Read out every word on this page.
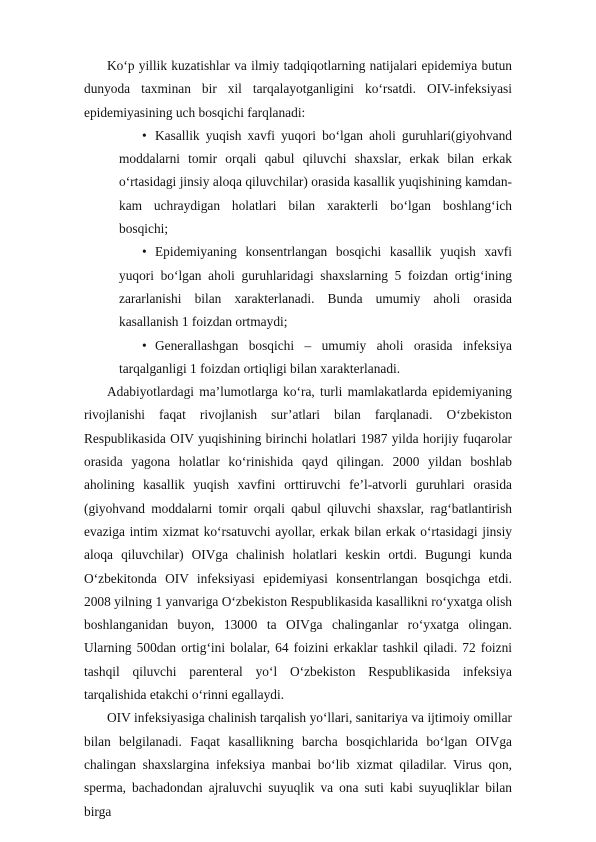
Ko‘p yillik kuzatishlar va ilmiy tadqiqotlarning natijalari epidemiya butun dunyoda taxminan bir xil tarqalayotganligini ko‘rsatdi. OIV-infeksiyasi epidemiyasining uch bosqichi farqlanadi:

• Kasallik yuqish xavfi yuqori bo‘lgan aholi guruhlari(giyohvand moddalarni tomir orqali qabul qiluvchi shaxslar, erkak bilan erkak o‘rtasidagi jinsiy aloqa qiluvchilar) orasida kasallik yuqishining kamdan-kam uchraydigan holatlari bilan xarakterli bo‘lgan boshlang‘ich bosqichi;
• Epidemiyaning konsentrlangan bosqichi kasallik yuqish xavfi yuqori bo‘lgan aholi guruhlaridagi shaxslarning 5 foizdan ortig‘ining zararlanishi bilan xarakterlanadi. Bunda umumiy aholi orasida kasallanish 1 foizdan ortmaydi;
• Generallashgan bosqichi – umumiy aholi orasida infeksiya tarqalganligi 1 foizdan ortiqligi bilan xarakterlanadi.

Adabiyotlardagi ma’lumotlarga ko‘ra, turli mamlakatlarda epidemiyaning rivojlanishi faqat rivojlanish sur’atlari bilan farqlanadi. O‘zbekiston Respublikasida OIV yuqishining birinchi holatlari 1987 yilda horijiy fuqarolar orasida yagona holatlar ko‘rinishida qayd qilingan. 2000 yildan boshlab aholining kasallik yuqish xavfini orttiruvchi fe’l-atvorli guruhlari orasida (giyohvand moddalarni tomir orqali qabul qiluvchi shaxslar, rag‘batlantirish evaziga intim xizmat ko‘rsatuvchi ayollar, erkak bilan erkak o‘rtasidagi jinsiy aloqa qiluvchilar) OIVga chalinish holatlari keskin ortdi. Bugungi kunda O‘zbekitonda OIV infeksiyasi epidemiyasi konsentrlangan bosqichga etdi. 2008 yilning 1 yanvariga O‘zbekiston Respublikasida kasallikni ro‘yxatga olish boshlanganidan buyon, 13000 ta OIVga chalinganlar ro‘yxatga olingan. Ularning 500dan ortig‘ini bolalar, 64 foizini erkaklar tashkil qiladi. 72 foizni tashqil qiluvchi parenteral yo‘l O‘zbekiston Respublikasida infeksiya tarqalishida etakchi o‘rinni egallaydi.

OIV infeksiyasiga chalinish tarqalish yo‘llari, sanitariya va ijtimoiy omillar bilan belgilanadi. Faqat kasallikning barcha bosqichlarida bo‘lgan OIVga chalingan shaxslargina infeksiya manbai bo‘lib xizmat qiladilar. Virus qon, sperma, bachadondan ajraluvchi suyuqlik va ona suti kabi suyuqliklar bilan birga
